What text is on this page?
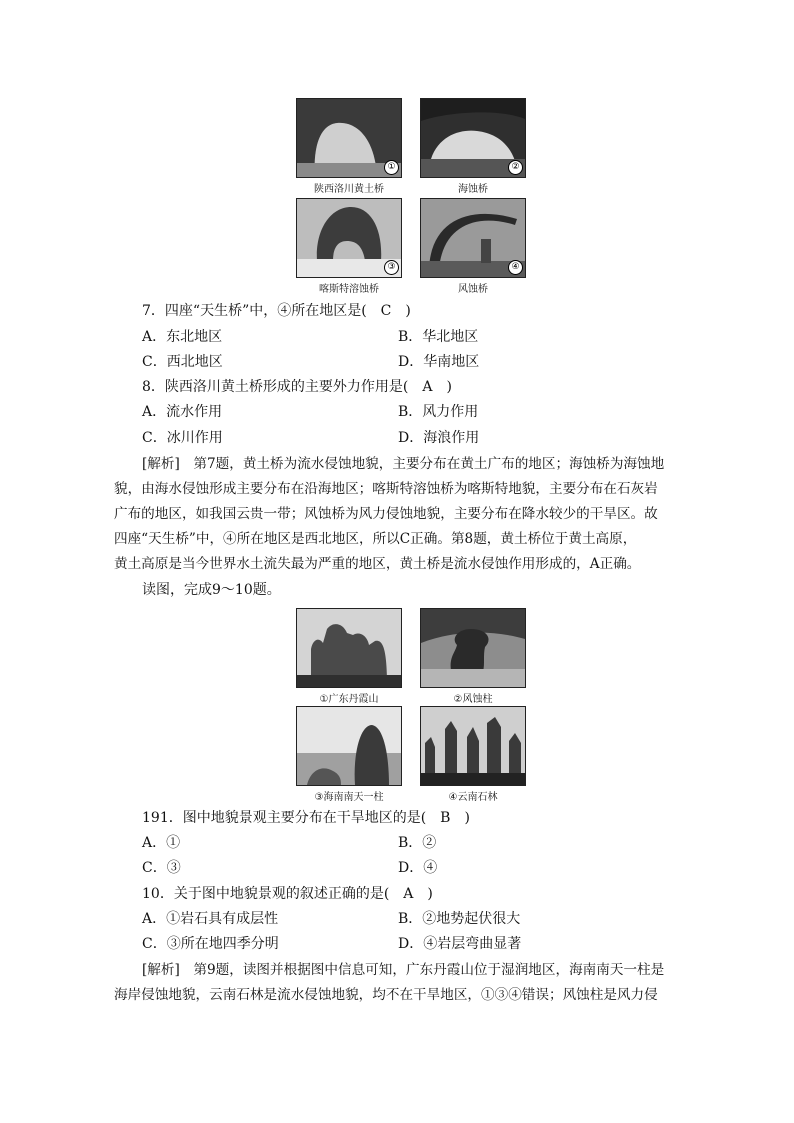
①
陕西洛川黄土桥
②
海蚀桥
③
喀斯特溶蚀桥
④
风蚀桥
7．四座“天生桥”中，④所在地区是(　C　)
A．东北地区	B．华北地区
C．西北地区	D．华南地区
8．陕西洛川黄土桥形成的主要外力作用是(　A　)
A．流水作用	B．风力作用
C．冰川作用	D．海浪作用
[解析]　第7题，黄土桥为流水侵蚀地貌，主要分布在黄土广布的地区；海蚀桥为海蚀地
貌，由海水侵蚀形成主要分布在沿海地区；喀斯特溶蚀桥为喀斯特地貌，主要分布在石灰岩
广布的地区，如我国云贵一带；风蚀桥为风力侵蚀地貌，主要分布在降水较少的干旱区。故
四座“天生桥”中，④所在地区是西北地区，所以C正确。第8题，黄土桥位于黄土高原，
黄土高原是当今世界水土流失最为严重的地区，黄土桥是流水侵蚀作用形成的，A正确。
读图，完成9～10题。
①广东丹霞山	②风蚀柱
③海南南天一柱	④云南石林
191．图中地貌景观主要分布在干旱地区的是(　B　)
A．①	B．②
C．③	D．④
10．关于图中地貌景观的叙述正确的是(　A　)
A．①岩石具有成层性	B．②地势起伏很大
C．③所在地四季分明	D．④岩层弯曲显著
[解析]　第9题，读图并根据图中信息可知，广东丹霞山位于湿润地区，海南南天一柱是
海岸侵蚀地貌，云南石林是流水侵蚀地貌，均不在干旱地区，①③④错误；风蚀柱是风力侵
